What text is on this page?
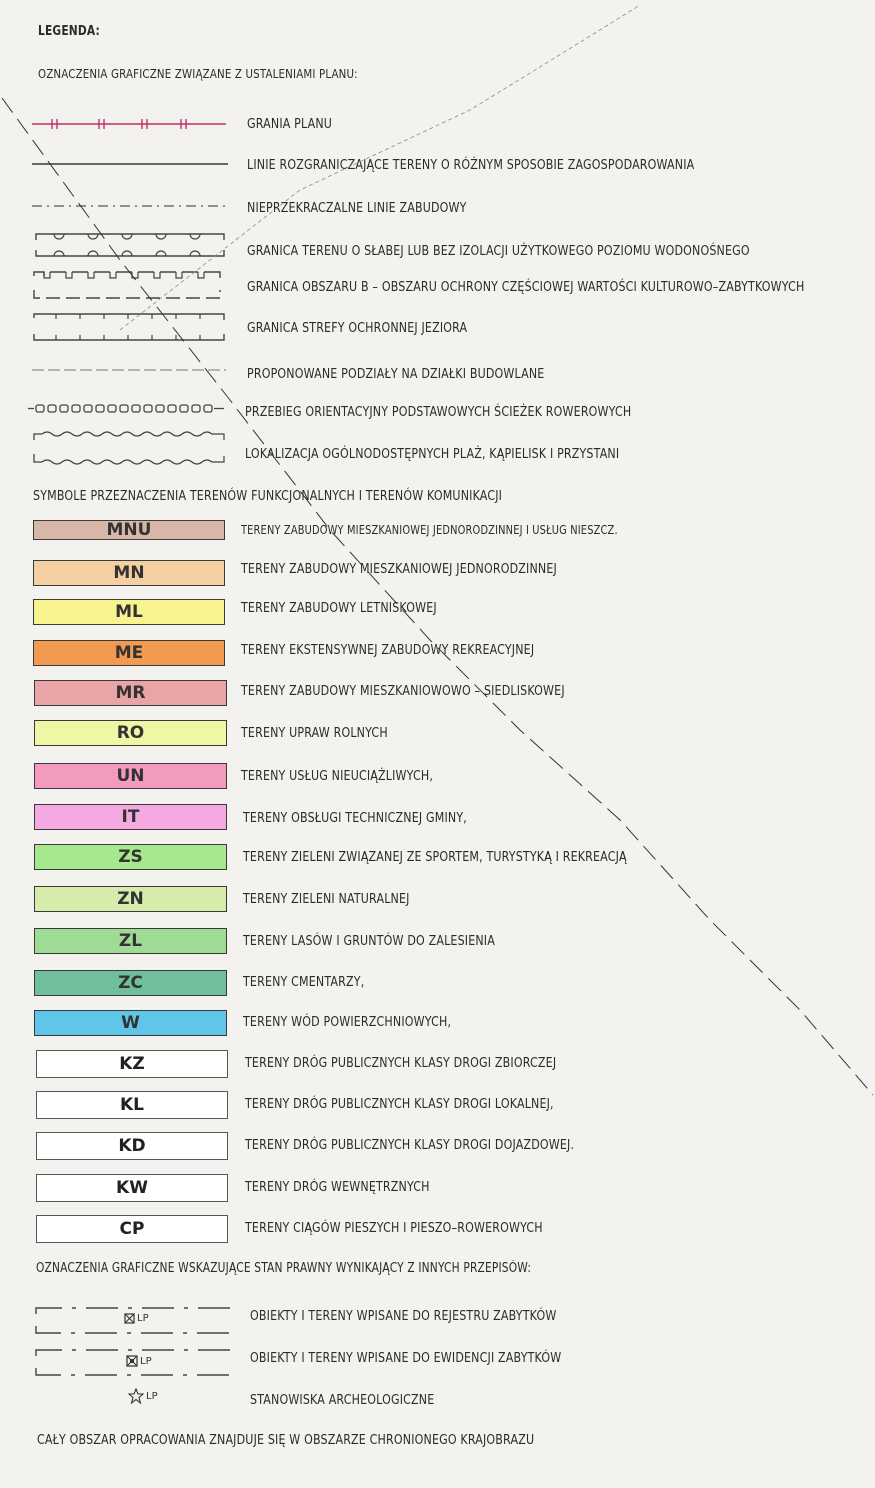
LEGENDA:
OZNACZENIA GRAFICZNE ZWIĄZANE Z USTALENIAMI PLANU:
GRANIA PLANU
LINIE ROZGRANICZAJĄCE TERENY O RÓŻNYM SPOSOBIE ZAGOSPODAROWANIA
NIEPRZEKRACZALNE LINIE ZABUDOWY
GRANICA TERENU O SŁABEJ LUB BEZ IZOLACJI UŻYTKOWEGO POZIOMU WODONOŚNEGO
GRANICA OBSZARU B – OBSZARU OCHRONY CZĘŚCIOWEJ WARTOŚCI KULTUROWO–ZABYTKOWYCH
GRANICA STREFY OCHRONNEJ JEZIORA
PROPONOWANE PODZIAŁY NA DZIAŁKI BUDOWLANE
PRZEBIEG ORIENTACYJNY PODSTAWOWYCH ŚCIEŻEK ROWEROWYCH
LOKALIZACJA OGÓLNODOSTĘPNYCH PLAŻ, KĄPIELISK I PRZYSTANI
SYMBOLE PRZEZNACZENIA TERENÓW FUNKCJONALNYCH I TERENÓW KOMUNIKACJI
MNU	TERENY ZABUDOWY MIESZKANIOWEJ JEDNORODZINNEJ I USŁUG NIESZCZ.
MN	TERENY ZABUDOWY MIESZKANIOWEJ JEDNORODZINNEJ
ML	TERENY ZABUDOWY LETNISKOWEJ
ME	TERENY EKSTENSYWNEJ ZABUDOWY REKREACYJNEJ
MR	TERENY ZABUDOWY MIESZKANIOWOWO – SIEDLISKOWEJ
RO	TERENY UPRAW ROLNYCH
UN	TERENY USŁUG NIEUCIĄŻLIWYCH,
IT	TERENY OBSŁUGI TECHNICZNEJ GMINY,
ZS	TERENY ZIELENI ZWIĄZANEJ ZE SPORTEM, TURYSTYKĄ I REKREACJĄ
ZN	TERENY ZIELENI NATURALNEJ
ZL	TERENY LASÓW I GRUNTÓW DO ZALESIENIA
ZC	TERENY CMENTARZY,
W	TERENY WÓD POWIERZCHNIOWYCH,
KZ	TERENY DRÓG PUBLICZNYCH KLASY DROGI ZBIORCZEJ
KL	TERENY DRÓG PUBLICZNYCH KLASY DROGI LOKALNEJ,
KD	TERENY DRÓG PUBLICZNYCH KLASY DROGI DOJAZDOWEJ.
KW	TERENY DRÓG WEWNĘTRZNYCH
CP	TERENY CIĄGÓW PIESZYCH I PIESZO–ROWEROWYCH
OZNACZENIA GRAFICZNE WSKAZUJĄCE STAN PRAWNY WYNIKAJĄCY Z INNYCH PRZEPISÓW:
LP	OBIEKTY I TERENY WPISANE DO REJESTRU ZABYTKÓW
LP	OBIEKTY I TERENY WPISANE DO EWIDENCJI ZABYTKÓW
LP	STANOWISKA ARCHEOLOGICZNE
CAŁY OBSZAR OPRACOWANIA ZNAJDUJE SIĘ W OBSZARZE CHRONIONEGO KRAJOBRAZU
